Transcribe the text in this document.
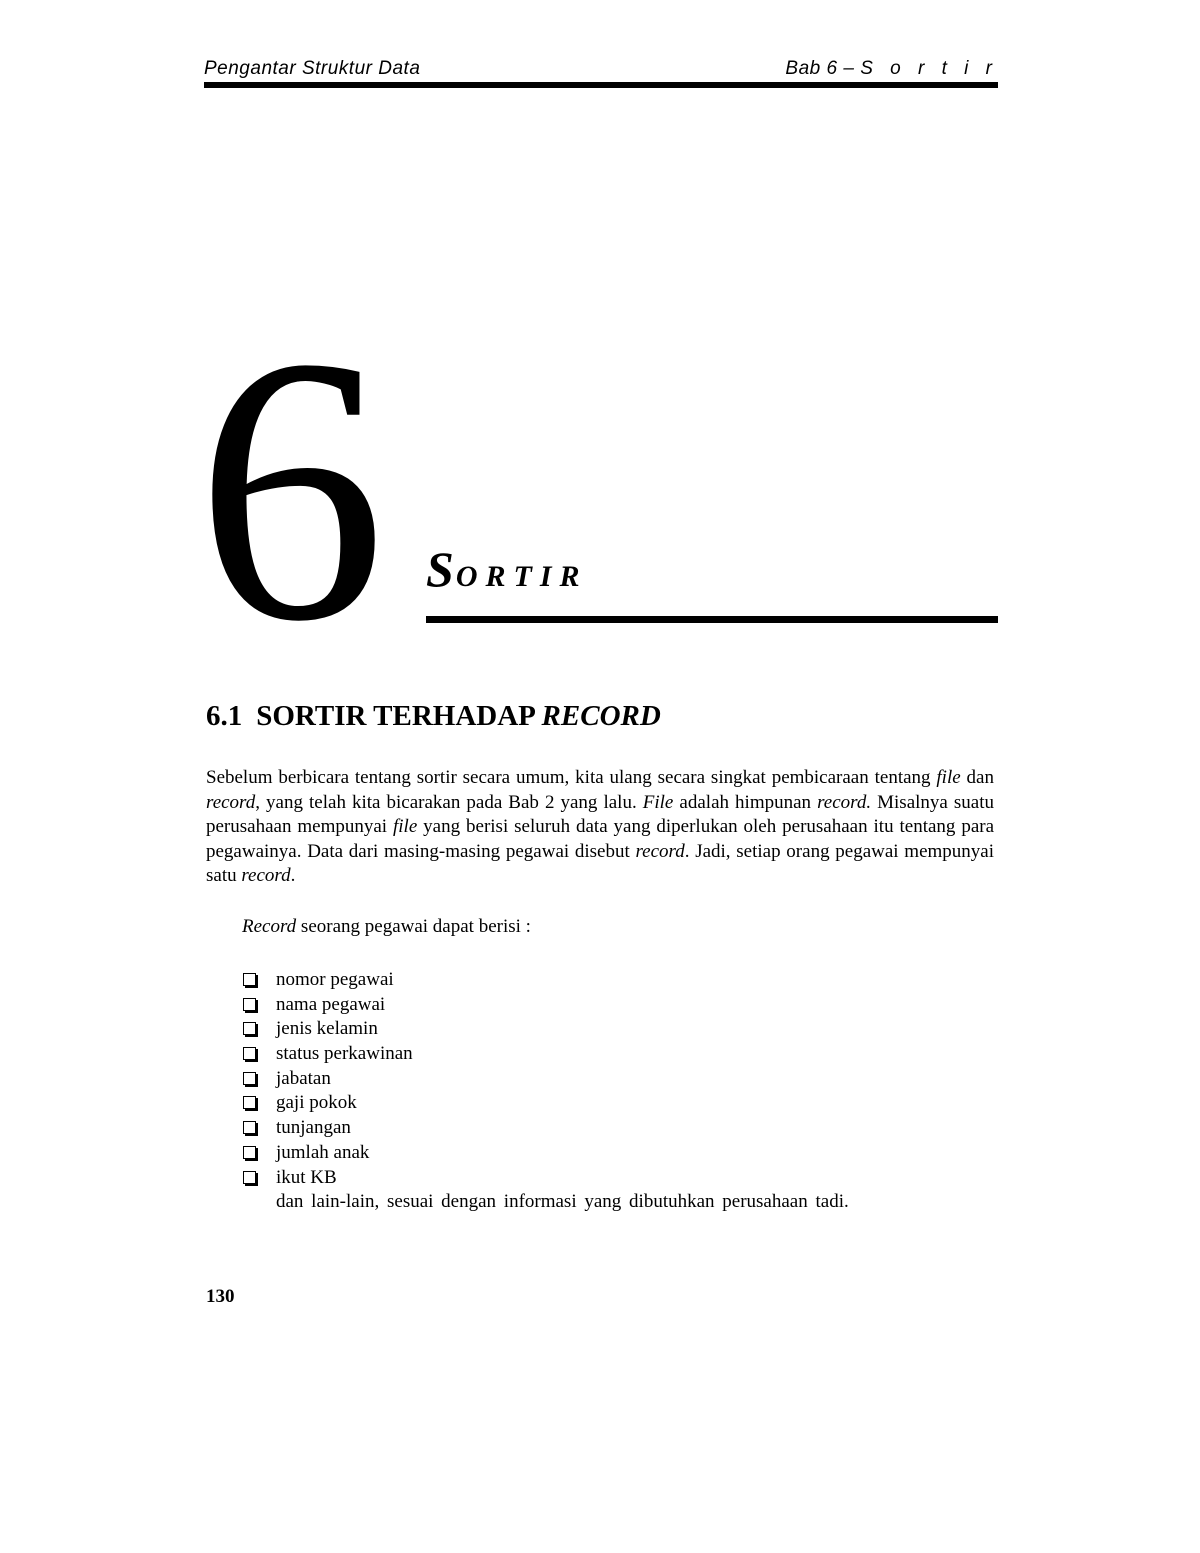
Pengantar Struktur Data	Bab 6 – S o r t i r
6 SORTIR
6.1 SORTIR TERHADAP RECORD
Sebelum berbicara tentang sortir secara umum, kita ulang secara singkat pembicaraan tentang file dan record, yang telah kita bicarakan pada Bab 2 yang lalu. File adalah himpunan record. Misalnya suatu perusahaan mempunyai file yang berisi seluruh data yang diperlukan oleh perusahaan itu tentang para pegawainya. Data dari masing-masing pegawai disebut record. Jadi, setiap orang pegawai mempunyai satu record.
Record seorang pegawai dapat berisi :
nomor pegawai
nama pegawai
jenis kelamin
status perkawinan
jabatan
gaji pokok
tunjangan
jumlah anak
ikut KB
dan lain-lain, sesuai dengan informasi yang dibutuhkan perusahaan tadi.
130
